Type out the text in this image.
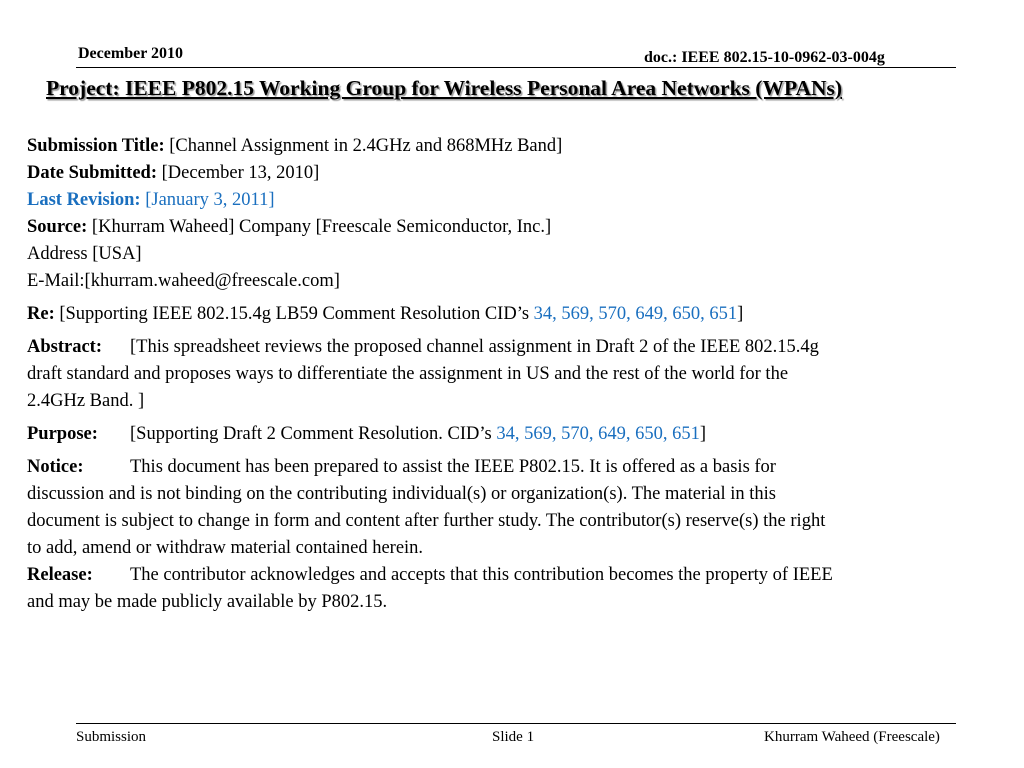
December 2010	doc.: IEEE 802.15-10-0962-03-004g
Project: IEEE P802.15 Working Group for Wireless Personal Area Networks (WPANs)
Submission Title: [Channel Assignment in 2.4GHz and 868MHz Band]
Date Submitted: [December 13, 2010]
Last Revision: [January 3, 2011]
Source: [Khurram Waheed] Company [Freescale Semiconductor, Inc.]
Address [USA]
E-Mail:[khurram.waheed@freescale.com]
Re: [Supporting IEEE 802.15.4g LB59 Comment Resolution CID’s 34, 569, 570, 649, 650, 651]
Abstract: [This spreadsheet reviews the proposed channel assignment in Draft 2 of the IEEE 802.15.4g
draft standard and proposes ways to differentiate the assignment in US and the rest of the world for the
2.4GHz Band. ]
Purpose: [Supporting Draft 2 Comment Resolution. CID’s 34, 569, 570, 649, 650, 651]
Notice:	This document has been prepared to assist the IEEE P802.15. It is offered as a basis for
discussion and is not binding on the contributing individual(s) or organization(s). The material in this
document is subject to change in form and content after further study. The contributor(s) reserve(s) the right
to add, amend or withdraw material contained herein.
Release: The contributor acknowledges and accepts that this contribution becomes the property of IEEE
and may be made publicly available by P802.15.
Submission	Slide 1	Khurram Waheed (Freescale)
